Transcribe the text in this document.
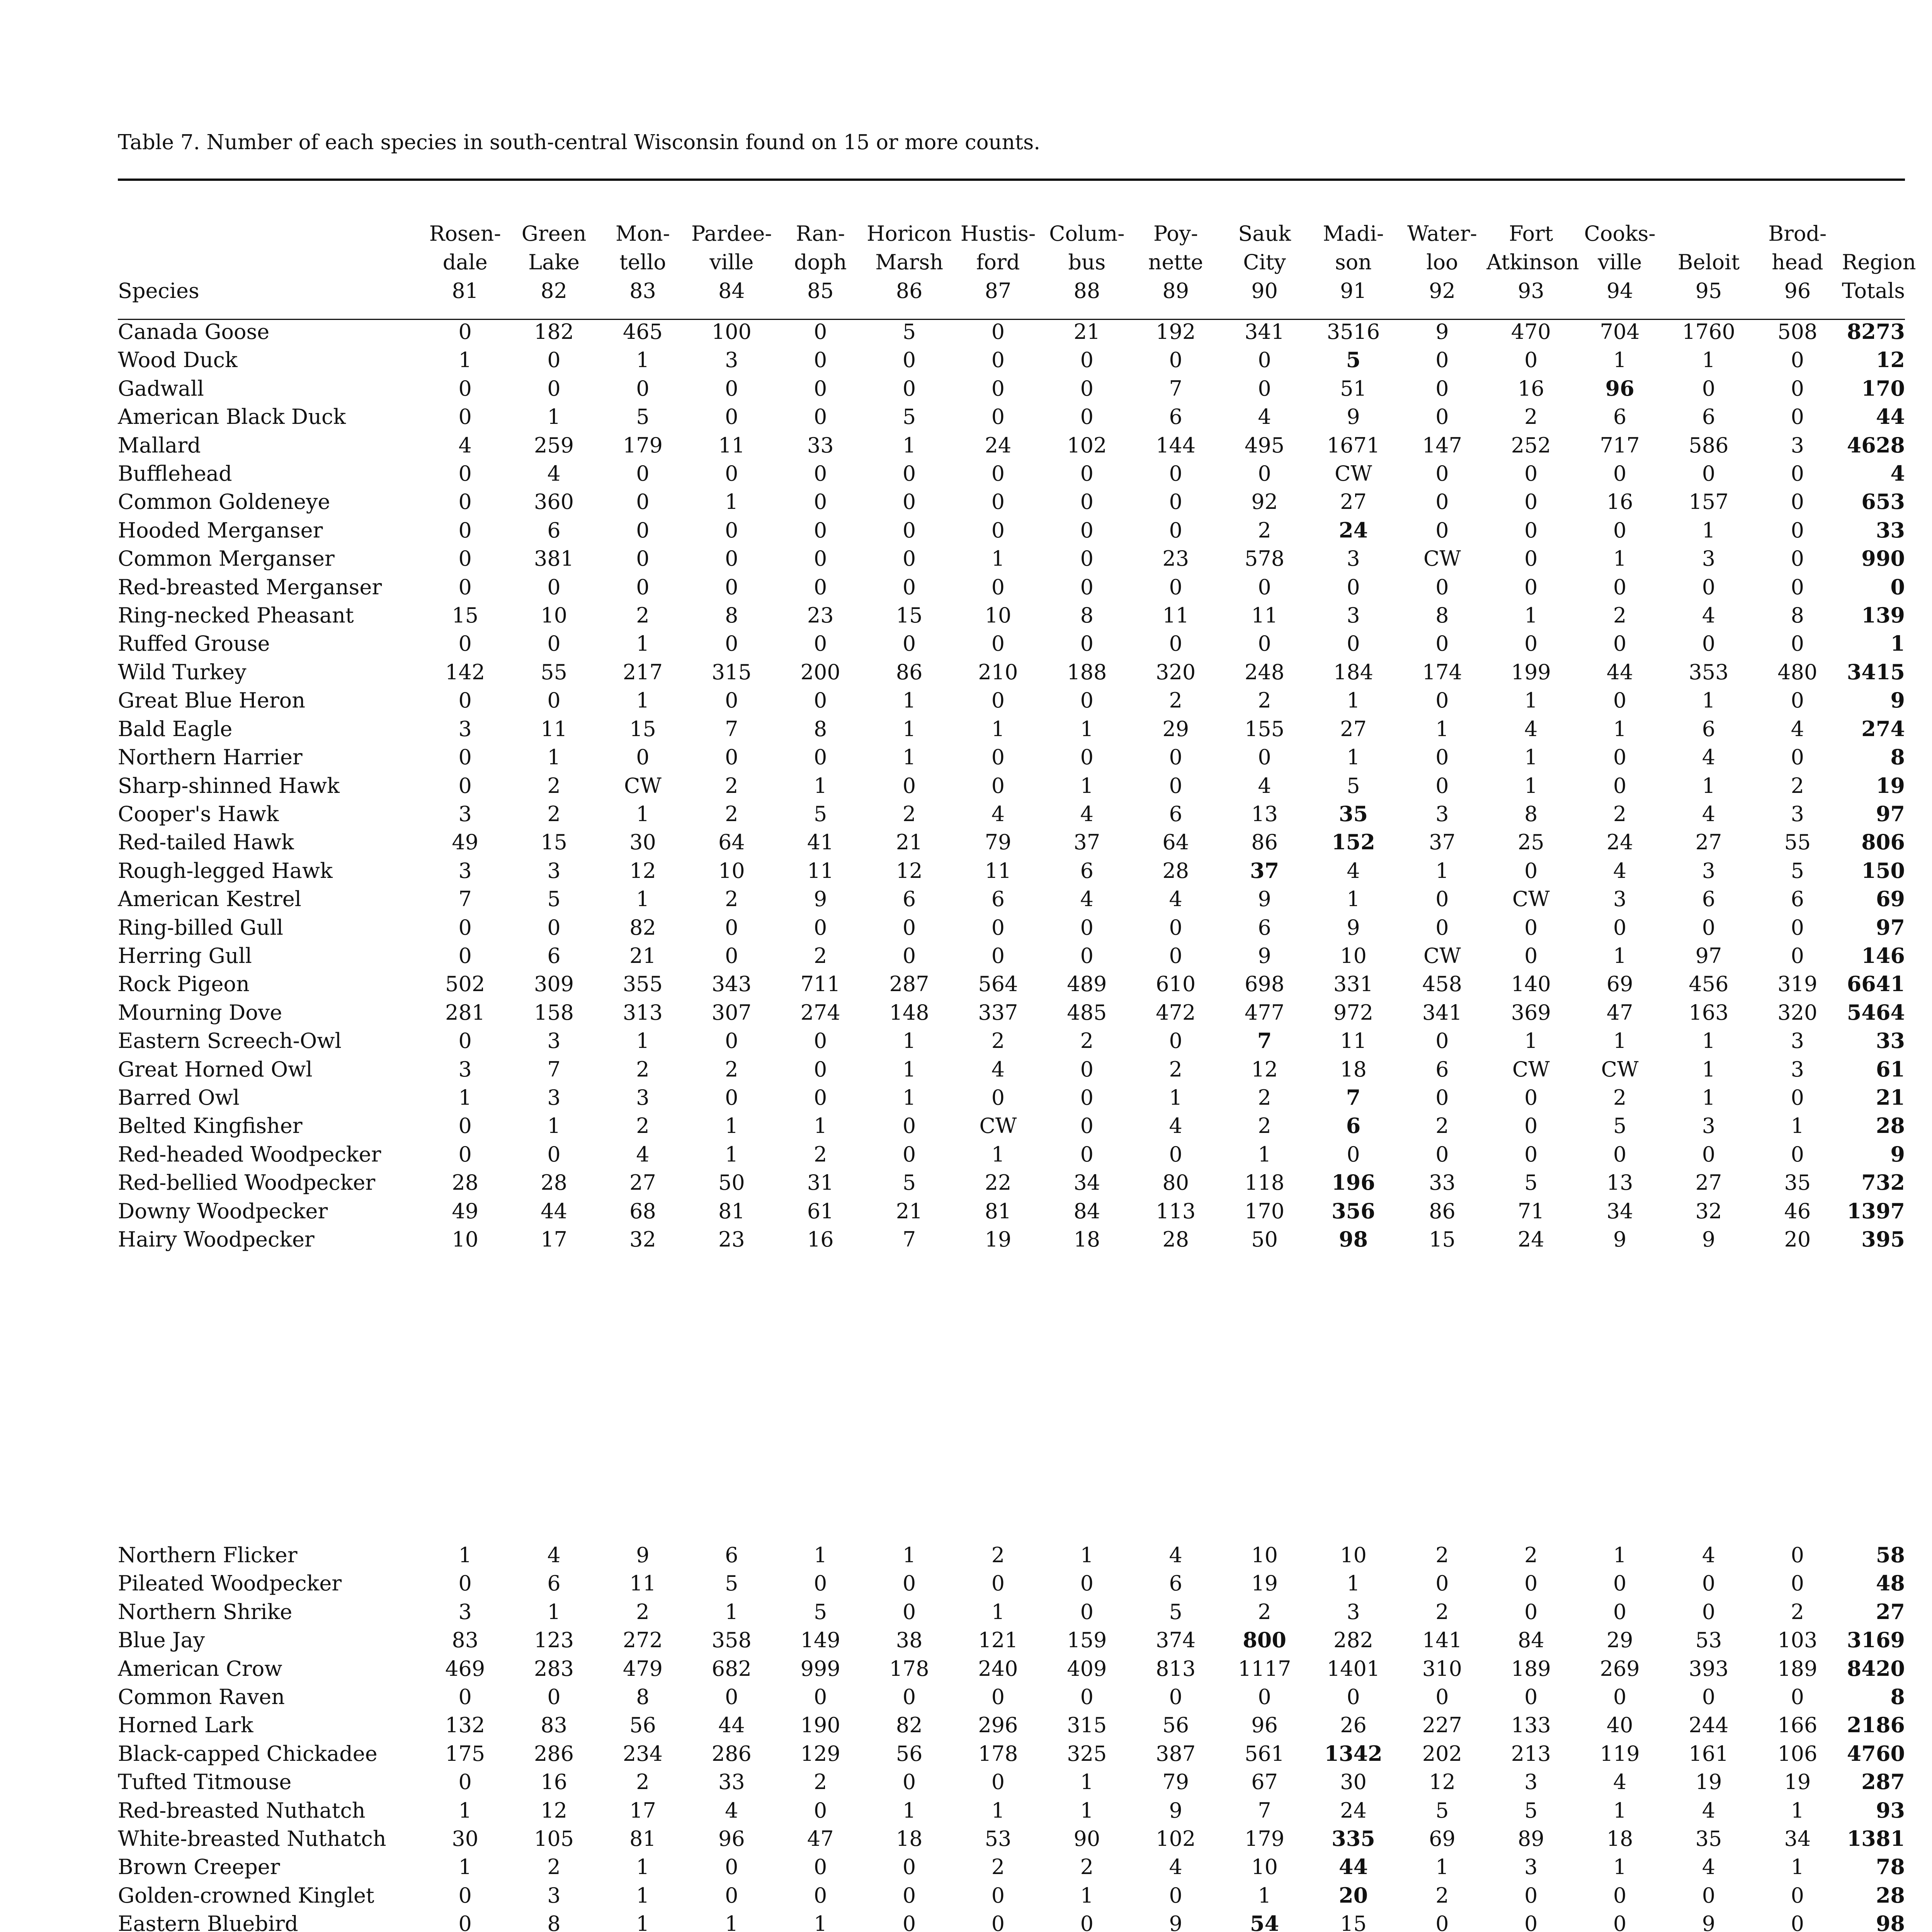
Table 7. Number of each species in south-central Wisconsin found on 15 or more counts.
	Rosen-	Green	Mon-	Pardee-	Ran-	Horicon	Hustis-	Colum-	Poy-	Sauk	Madi-	Water-	Fort	Cooks-		Brod-	
	dale	Lake	tello	ville	doph	Marsh	ford	bus	nette	City	son	loo	Atkinson	ville	Beloit	head	Region
Species	81	82	83	84	85	86	87	88	89	90	91	92	93	94	95	96	Totals
Canada Goose	0	182	465	100	0	5	0	21	192	341	3516	9	470	704	1760	508	8273
Wood Duck	1	0	1	3	0	0	0	0	0	0	5	0	0	1	1	0	12
Gadwall	0	0	0	0	0	0	0	0	7	0	51	0	16	96	0	0	170
American Black Duck	0	1	5	0	0	5	0	0	6	4	9	0	2	6	6	0	44
Mallard	4	259	179	11	33	1	24	102	144	495	1671	147	252	717	586	3	4628
Bufflehead	0	4	0	0	0	0	0	0	0	0	CW	0	0	0	0	0	4
Common Goldeneye	0	360	0	1	0	0	0	0	0	92	27	0	0	16	157	0	653
Hooded Merganser	0	6	0	0	0	0	0	0	0	2	24	0	0	0	1	0	33
Common Merganser	0	381	0	0	0	0	1	0	23	578	3	CW	0	1	3	0	990
Red-breasted Merganser	0	0	0	0	0	0	0	0	0	0	0	0	0	0	0	0	0
Ring-necked Pheasant	15	10	2	8	23	15	10	8	11	11	3	8	1	2	4	8	139
Ruffed Grouse	0	0	1	0	0	0	0	0	0	0	0	0	0	0	0	0	1
Wild Turkey	142	55	217	315	200	86	210	188	320	248	184	174	199	44	353	480	3415
Great Blue Heron	0	0	1	0	0	1	0	0	2	2	1	0	1	0	1	0	9
Bald Eagle	3	11	15	7	8	1	1	1	29	155	27	1	4	1	6	4	274
Northern Harrier	0	1	0	0	0	1	0	0	0	0	1	0	1	0	4	0	8
Sharp-shinned Hawk	0	2	CW	2	1	0	0	1	0	4	5	0	1	0	1	2	19
Cooper's Hawk	3	2	1	2	5	2	4	4	6	13	35	3	8	2	4	3	97
Red-tailed Hawk	49	15	30	64	41	21	79	37	64	86	152	37	25	24	27	55	806
Rough-legged Hawk	3	3	12	10	11	12	11	6	28	37	4	1	0	4	3	5	150
American Kestrel	7	5	1	2	9	6	6	4	4	9	1	0	CW	3	6	6	69
Ring-billed Gull	0	0	82	0	0	0	0	0	0	6	9	0	0	0	0	0	97
Herring Gull	0	6	21	0	2	0	0	0	0	9	10	CW	0	1	97	0	146
Rock Pigeon	502	309	355	343	711	287	564	489	610	698	331	458	140	69	456	319	6641
Mourning Dove	281	158	313	307	274	148	337	485	472	477	972	341	369	47	163	320	5464
Eastern Screech-Owl	0	3	1	0	0	1	2	2	0	7	11	0	1	1	1	3	33
Great Horned Owl	3	7	2	2	0	1	4	0	2	12	18	6	CW	CW	1	3	61
Barred Owl	1	3	3	0	0	1	0	0	1	2	7	0	0	2	1	0	21
Belted Kingfisher	0	1	2	1	1	0	CW	0	4	2	6	2	0	5	3	1	28
Red-headed Woodpecker	0	0	4	1	2	0	1	0	0	1	0	0	0	0	0	0	9
Red-bellied Woodpecker	28	28	27	50	31	5	22	34	80	118	196	33	5	13	27	35	732
Downy Woodpecker	49	44	68	81	61	21	81	84	113	170	356	86	71	34	32	46	1397
Hairy Woodpecker	10	17	32	23	16	7	19	18	28	50	98	15	24	9	9	20	395
Northern Flicker	1	4	9	6	1	1	2	1	4	10	10	2	2	1	4	0	58
Pileated Woodpecker	0	6	11	5	0	0	0	0	6	19	1	0	0	0	0	0	48
Northern Shrike	3	1	2	1	5	0	1	0	5	2	3	2	0	0	0	2	27
Blue Jay	83	123	272	358	149	38	121	159	374	800	282	141	84	29	53	103	3169
American Crow	469	283	479	682	999	178	240	409	813	1117	1401	310	189	269	393	189	8420
Common Raven	0	0	8	0	0	0	0	0	0	0	0	0	0	0	0	0	8
Horned Lark	132	83	56	44	190	82	296	315	56	96	26	227	133	40	244	166	2186
Black-capped Chickadee	175	286	234	286	129	56	178	325	387	561	1342	202	213	119	161	106	4760
Tufted Titmouse	0	16	2	33	2	0	0	1	79	67	30	12	3	4	19	19	287
Red-breasted Nuthatch	1	12	17	4	0	1	1	1	9	7	24	5	5	1	4	1	93
White-breasted Nuthatch	30	105	81	96	47	18	53	90	102	179	335	69	89	18	35	34	1381
Brown Creeper	1	2	1	0	0	0	2	2	4	10	44	1	3	1	4	1	78
Golden-crowned Kinglet	0	3	1	0	0	0	0	1	0	1	20	2	0	0	0	0	28
Eastern Bluebird	0	8	1	1	1	0	0	0	9	54	15	0	0	0	9	0	98
